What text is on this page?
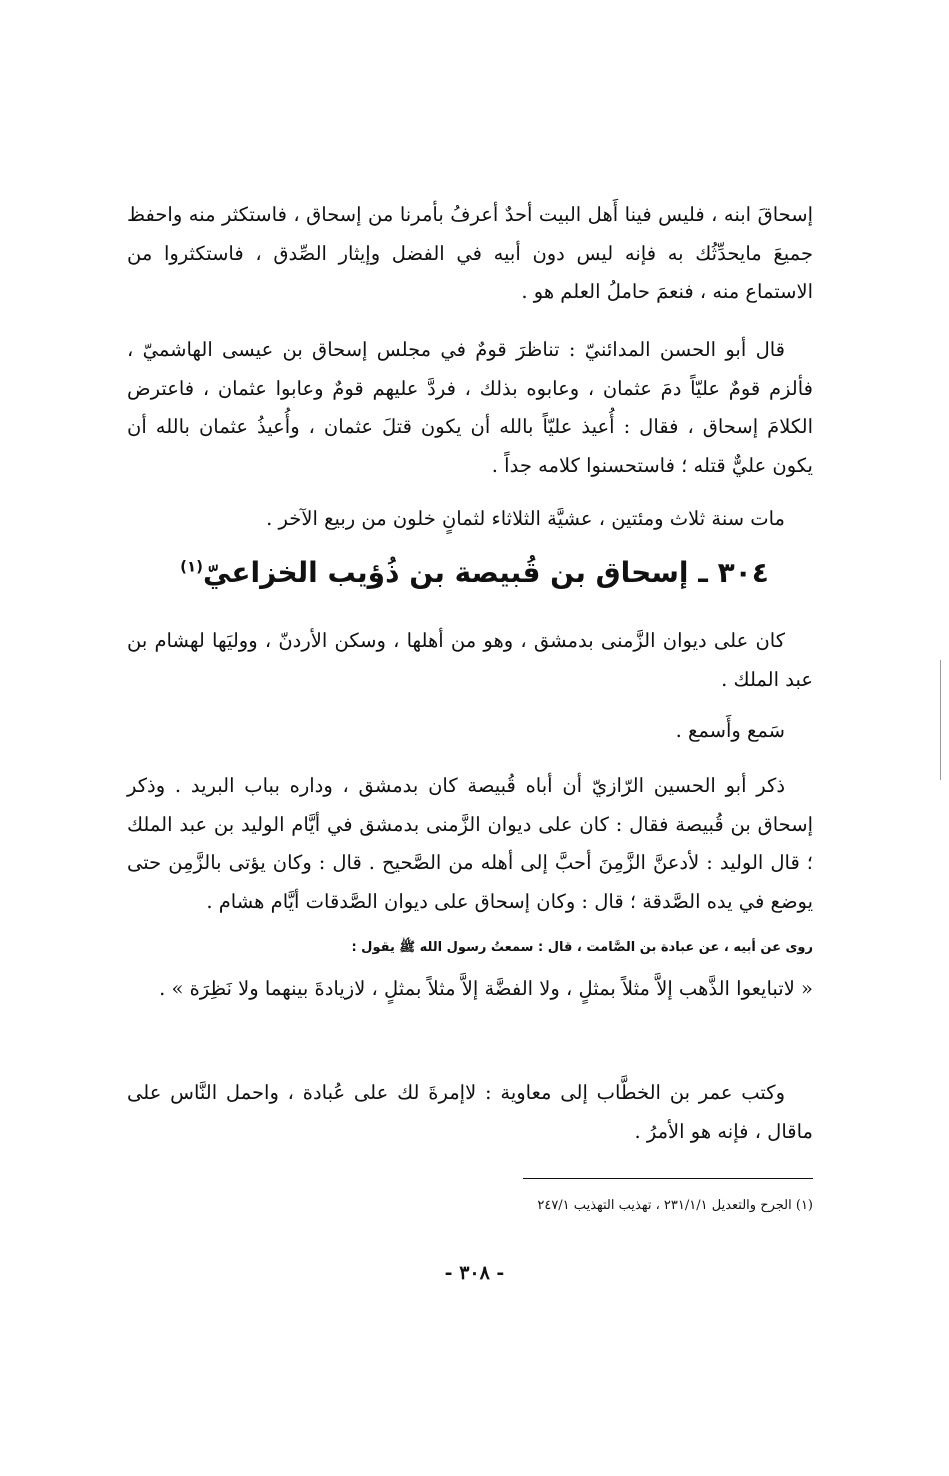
إسحاقَ ابنه ، فليس فينا أَهل البيت أحدٌ أعرفُ بأمرنا من إسحاق ، فاستكثر منه واحفظ جميعَ مايحدِّثُك به فإنه ليس دون أبيه في الفضل وإيثار الصِّدق ، فاستكثروا من الاستماع منه ، فنعمَ حاملُ العلم هو .

قال أبو الحسن المدائنيّ : تناظرَ قومٌ في مجلس إسحاق بن عيسى الهاشميّ ، فألزم قومٌ عليّاً دمَ عثمان ، وعابوه بذلك ، فردَّ عليهم قومٌ وعابوا عثمان ، فاعترض الكلامَ إسحاق ، فقال : أُعيذ عليّاً بالله أن يكون قتلَ عثمان ، وأُعيذُ عثمان بالله أن يكون عليٌّ قتله ؛ فاستحسنوا كلامه جداً .

مات سنة ثلاث ومئتين ، عشيَّة الثلاثاء لثمانٍ خلون من ربيع الآخر .

٣٠٤ ـ إسحاق بن قُبيصة بن ذُؤيب الخزاعيّ$^{(١)}$

كان على ديوان الزَّمنى بدمشق ، وهو من أهلها ، وسكن الأردنّ ، ووليَها لهشام بن عبد الملك .

سَمع وأَسمع .

ذكر أبو الحسين الرّازيّ أن أباه قُبيصة كان بدمشق ، وداره بباب البريد . وذكر إسحاق بن قُبيصة فقال : كان على ديوان الزَّمنى بدمشق في أيَّام الوليد بن عبد الملك ؛ قال الوليد : لأدعنَّ الزَّمِنَ أحبَّ إلى أهله من الصَّحيح . قال : وكان يؤتى بالزَّمِن حتى يوضع في يده الصَّدقة ؛ قال : وكان إسحاق على ديوان الصَّدقات أيَّام هشام .

روى عن أبيه ، عن عبادة بن الصَّامت ، قال : سمعتُ رسول الله ﷺ يقول :

« لاتبايعوا الذَّهب إلاَّ مثلاً بمثلٍ ، ولا الفضَّة إلاَّ مثلاً بمثلٍ ، لازيادةَ بينهما ولا نَظِرَة » .

وكتب عمر بن الخطَّاب إلى معاوية : لاإمرةَ لك على عُبادة ، واحمل النَّاس على ماقال ، فإنه هو الأمرُ .

(١) الجرح والتعديل ٢٣١/١/١ ، تهذيب التهذيب ٢٤٧/١

- ٣٠٨ -
